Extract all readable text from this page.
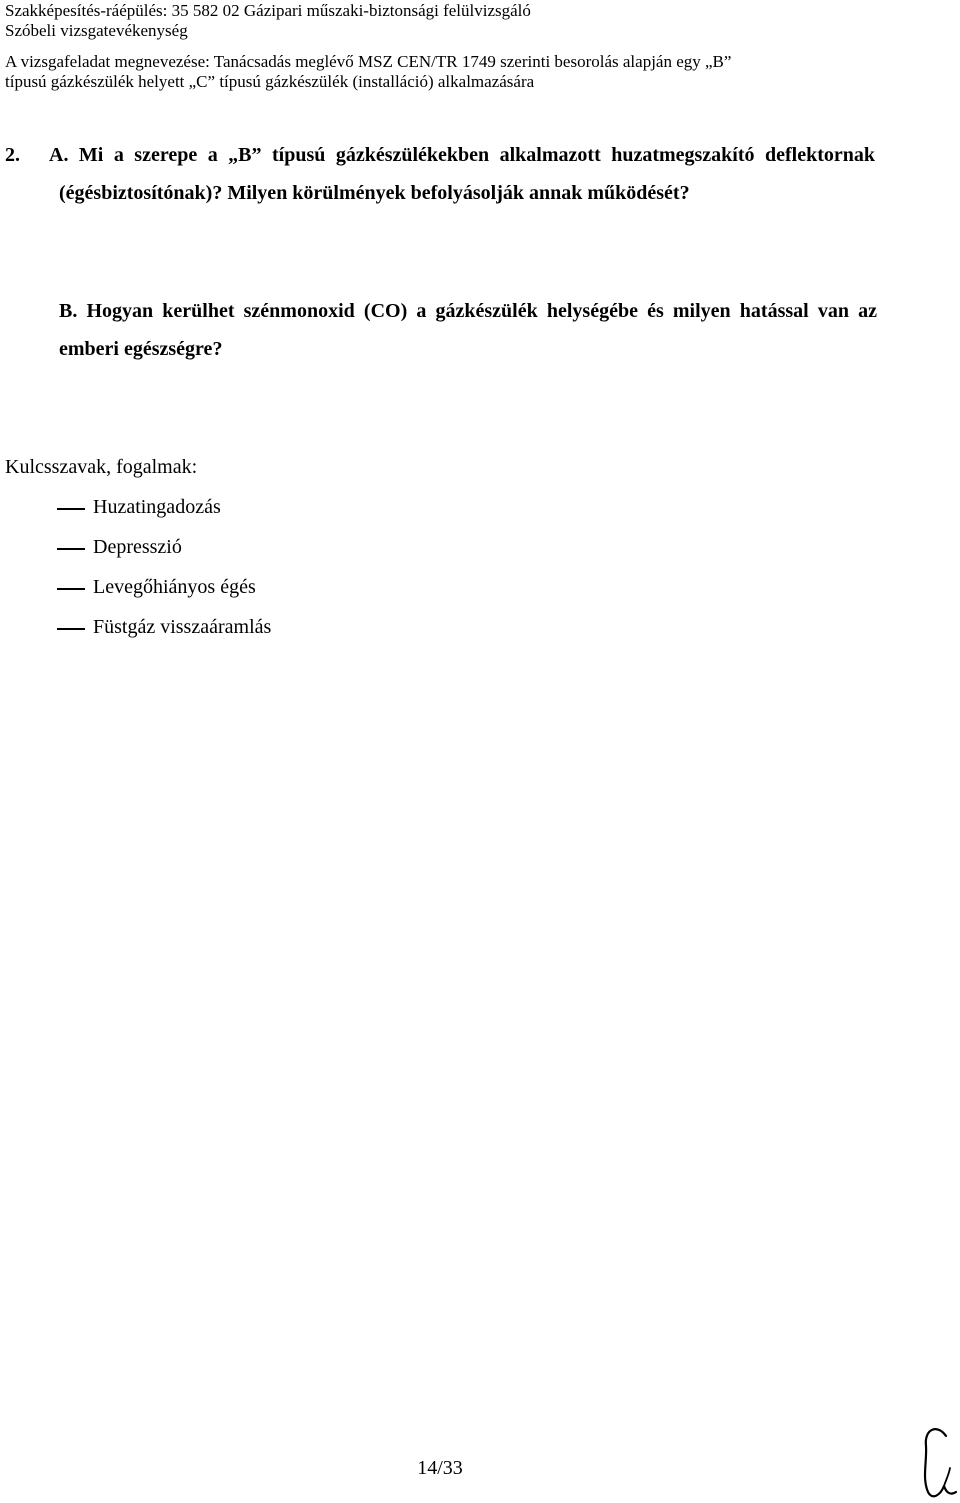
Szakképesítés-ráépülés: 35 582 02 Gázipari műszaki-biztonsági felülvizsgáló
Szóbeli vizsgatevékenység
A vizsgafeladat megnevezése: Tanácsadás meglévő MSZ CEN/TR 1749 szerinti besorolás alapján egy „B”
típusú gázkészülék helyett „C” típusú gázkészülék (installáció) alkalmazására
2. A. Mi a szerepe a „B” típusú gázkészülékekben alkalmazott huzatmegszakító deflektornak (égésbiztosítónak)? Milyen körülmények befolyásolják annak működését?
B. Hogyan kerülhet szénmonoxid (CO) a gázkészülék helységébe és milyen hatással van az emberi egészségre?
Kulcsszavak, fogalmak:
Huzatingadozás
Depresszió
Levegőhiányos égés
Füstgáz visszaáramlás
14/33
